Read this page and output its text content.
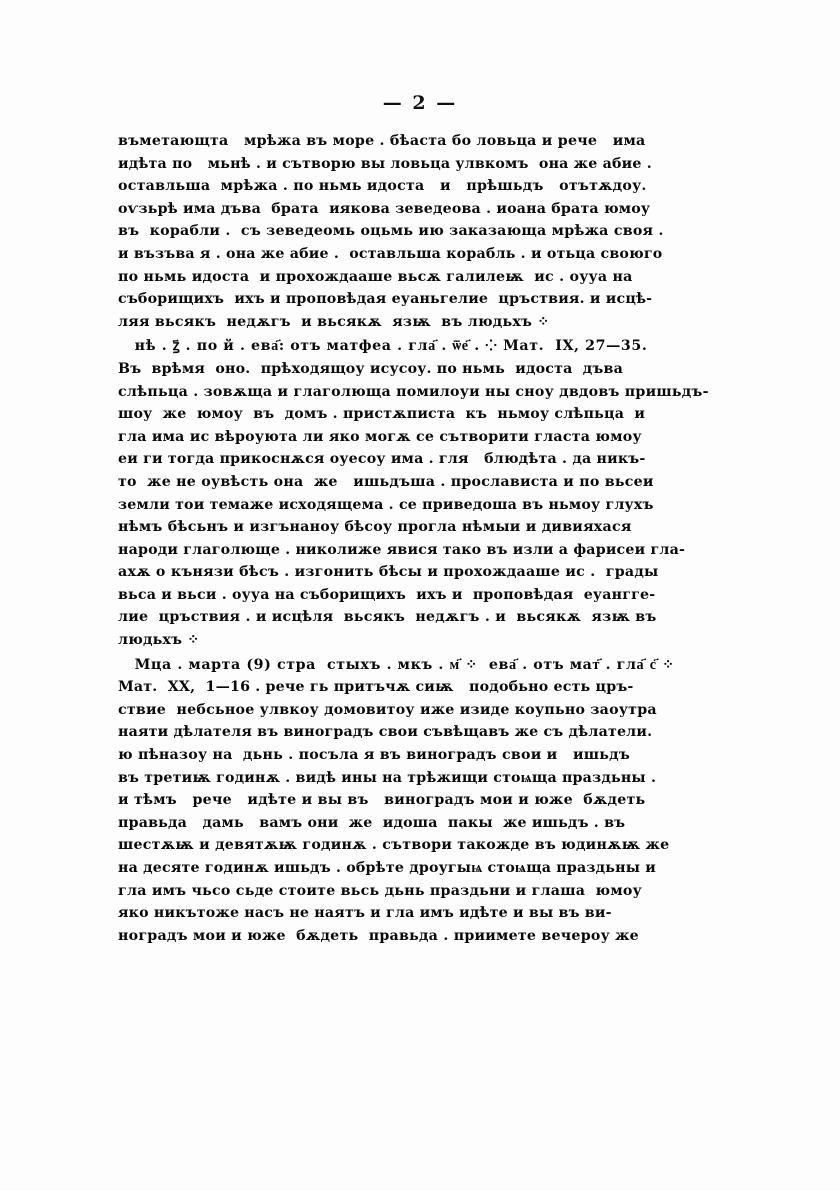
— 2 —
въметающта   мрѣжа въ море . бѣаста бо ловьца и рече   има
идѣта по   мьнѣ . и сътворю вы ловьца улвкомъ  она же абие .
оставльша  мрѣжа . по ньмь идоста   и   прѣшьдъ   отътѫдоу.
оѵзьрѣ има дъва  брата  иякова зеведеова . иоана брата юмоу
въ  корабли .  съ зеведеомь оцьмь ию заказающа мрѣжа своя .
и възъва я . она же абие .  оставльша корабль . и отьца своюго
по ньмь идоста  и прохождааше вьсѫ галилеѭ  ис . оууа на
съборищихъ  ихъ и проповѣдая еуаньгелие  цръствия. и исцѣ-
ляя вьсякъ  недѫгъ  и вьсякѫ  язѭ  въ людьхъ ⁘
нѣ . ꙁ҃ . по й . ева҃: отъ матфеа . гла҃ . ѿе҃ . ⁘ Мат.  IX, 27—35.
Въ  врѣмя  оно.  прѣходящоу исусоу. по ньмь  идоста  дъва
слѣпьца . зовѫща и глаголюща помилоуи ны сноу двдовъ пришьдъ-
шоу  же  юмоу  въ  домъ . пристѫписта  къ  ньмоу слѣпьца  и
гла има ис вѣроуюта ли яко могѫ се сътворити гласта юмоу
еи ги тогда прикоснѫся оуесоу има . гля   блюдѣта . да никъ-
то  же не оувѣсть она  же   ишьдъша . прослависта и по вьсеи
земли тои темаже исходящема . се приведоша въ ньмоу глухъ
нѣмъ бѣсьнъ и изгънаноу бѣсоу прогла нѣмыи и дивияхася
народи глаголюще . николиже явися тако въ изли а фарисеи гла-
ахѫ о кънязи бѣсъ . изгонить бѣсы и прохождааше ис .  грады
вьса и вьси . оууа на съборищихъ  ихъ и  проповѣдая  еуангге-
лие  цръствия . и исцѣля  вьсякъ  недѫгъ . и  вьсякѫ  язѭ въ
людьхъ ⁘
Мца . марта (9) стра  стыхъ . мкъ . м҃ ⁘  ева҃ . отъ мат҃ . гла҃ с҃ ⁘
Мат.  XX,  1—16 . рече гь притъчѫ сиѭ   подобьно есть цръ-
ствие  небсьное улвкоу домовитоу иже изиде коупьно заоутра
наяти дѣлателя въ виноградъ свои съвѣщавъ же съ дѣлатели.
ю пѣназоу на  дьнь . посъла я въ виноградъ свои и   ишьдъ
въ третиѭ годинѫ . видѣ ины на трѣжищи стоѩща праздьны .
и тѣмъ   рече   идѣте и вы въ   виноградъ мои и юже  бѫдеть
правьда   дамь   вамъ они  же  идоша  пакы  же ишьдъ . въ
шестѫѭ и девятѫѭ годинѫ . сътвори такожде въ юдинѫѭ же
на десяте годинѫ ишьдъ . обрѣте дроугыѩ стоѩща праздьны и
гла имъ чьсо сьде стоите вьсь дьнь праздьни и глаша  юмоу
яко никътоже насъ не наятъ и гла имъ идѣте и вы въ ви-
ноградъ мои и юже  бѫдеть  правьда . приимете вечероу же
